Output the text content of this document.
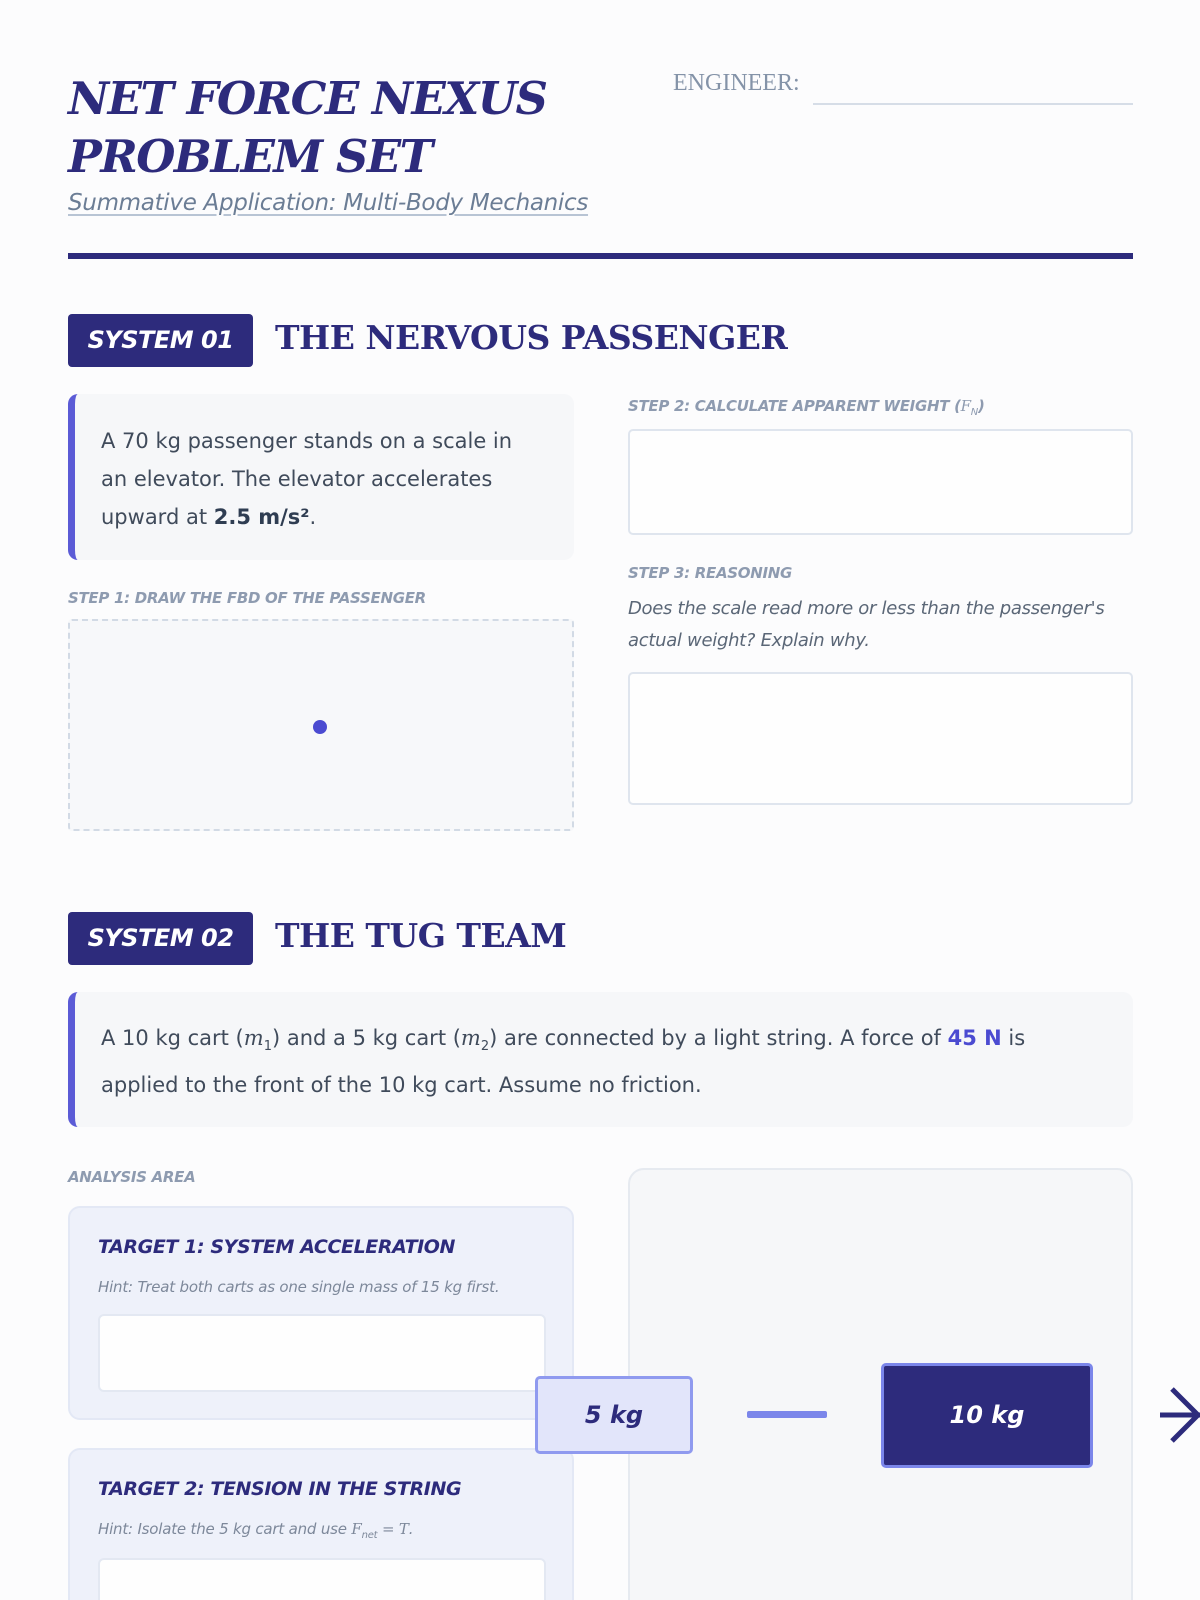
NET FORCE NEXUS PROBLEM SET
Summative Application: Multi-Body Mechanics
ENGINEER:
SYSTEM 01	THE NERVOUS PASSENGER
A 70 kg passenger stands on a scale in an elevator. The elevator accelerates upward at 2.5 m/s².
STEP 1: DRAW THE FBD OF THE PASSENGER
STEP 2: CALCULATE APPARENT WEIGHT $(F_N)$
STEP 3: REASONING
Does the scale read more or less than the passenger's actual weight? Explain why.
SYSTEM 02	THE TUG TEAM
A 10 kg cart $(m_1)$ and a 5 kg cart $(m_2)$ are connected by a light string. A force of 45 N is applied to the front of the 10 kg cart. Assume no friction.
ANALYSIS AREA
TARGET 1: SYSTEM ACCELERATION
Hint: Treat both carts as one single mass of 15 kg first.
TARGET 2: TENSION IN THE STRING
Hint: Isolate the 5 kg cart and use $F_{net} = T$.
5 kg	10 kg
